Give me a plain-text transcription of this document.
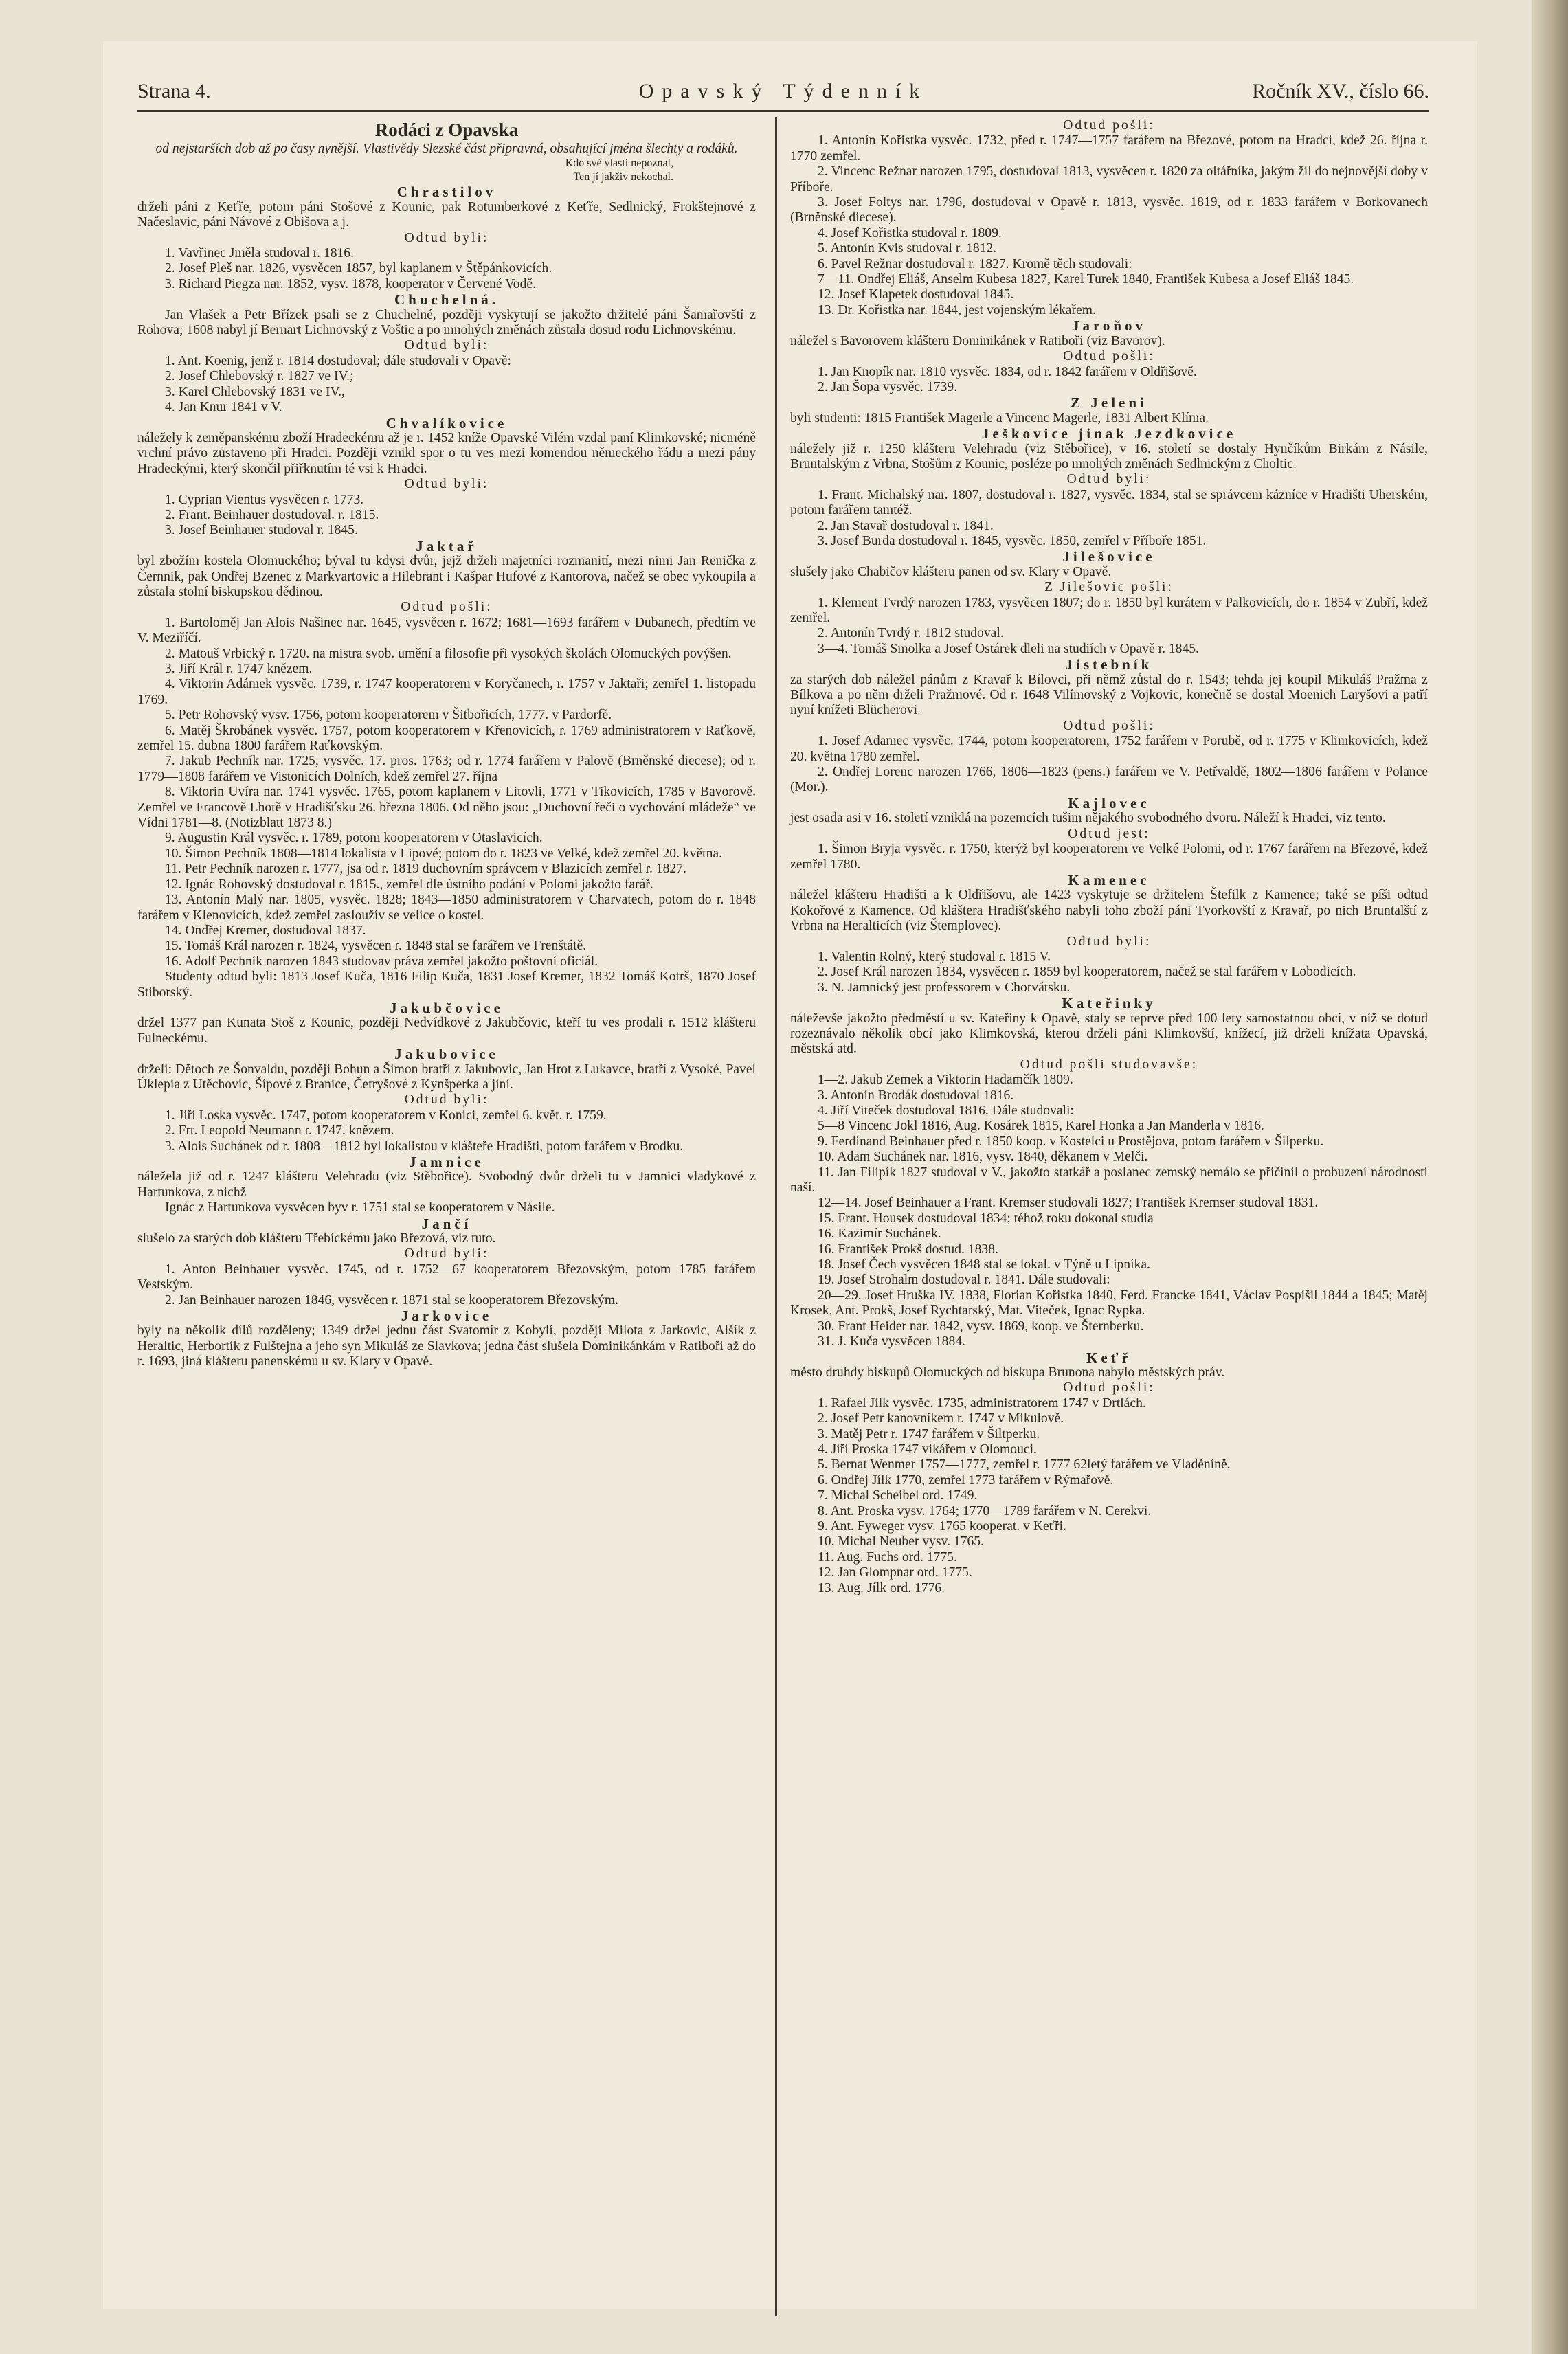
Strana 4.	Opavský Týdenník	Ročník XV., číslo 66.

Rodáci z Opavska

od nejstarších dob až po časy nynější. Vlastivědy Slezské část připravná, obsahující jména šlechty a rodáků.

Kdo své vlasti nepoznal,

Ten jí jakživ nekochal.

Chrastilov

drželi páni z Keťře, potom páni Stošové z Kounic, pak Rotumberkové z Keťře, Sedlnický, Frokštejnové z Načeslavic, páni Návové z Obišova a j.

Odtud byli:

1. Vavřinec Jměla studoval r. 1816.

2. Josef Pleš nar. 1826, vysvěcen 1857, byl kaplanem v Štěpánkovicích.

3. Richard Piegza nar. 1852, vysv. 1878, kooperator v Červené Vodě.

Chuchelná.

Jan Vlašek a Petr Břízek psali se z Chuchelné, později vyskytují se jakožto držitelé páni Šamařovští z Rohova; 1608 nabyl jí Bernart Lichnovský z Voštic a po mnohých změnách zůstala dosud rodu Lichnovskému.

Odtud byli:

1. Ant. Koenig, jenž r. 1814 dostudoval; dále studovali v Opavě:

2. Josef Chlebovský r. 1827 ve IV.;

3. Karel Chlebovský 1831 ve IV.,

4. Jan Knur 1841 v V.

Chvalíkovice

náležely k zeměpanskému zboží Hradeckému až je r. 1452 kníže Opavské Vilém vzdal paní Klimkovské; nicméně vrchní právo zůstaveno při Hradci. Později vznikl spor o tu ves mezi komendou německého řádu a mezi pány Hradeckými, který skončil přiřknutím té vsi k Hradci.

Odtud byli:

1. Cyprian Vientus vysvěcen r. 1773.

2. Frant. Beinhauer dostudoval. r. 1815.

3. Josef Beinhauer studoval r. 1845.

Jaktař

byl zbožím kostela Olomuckého; býval tu kdysi dvůr, jejž drželi majetníci rozmanití, mezi nimi Jan Renička z Černnik, pak Ondřej Bzenec z Markvartovic a Hilebrant i Kašpar Hufové z Kantorova, načež se obec vykoupila a zůstala stolní biskupskou dědinou.

Odtud pošli:

1. Bartoloměj Jan Alois Našinec nar. 1645, vysvěcen r. 1672; 1681—1693 farářem v Dubanech, předtím ve V. Meziříčí.

2. Matouš Vrbický r. 1720. na mistra svob. umění a filosofie při vysokých školách Olomuckých povýšen.

3. Jiří Král r. 1747 knězem.

4. Viktorin Adámek vysvěc. 1739, r. 1747 kooperatorem v Koryčanech, r. 1757 v Jaktaři; zemřel 1. listopadu 1769.

5. Petr Rohovský vysv. 1756, potom kooperatorem v Šitbořicích, 1777. v Pardorfě.

6. Matěj Škrobánek vysvěc. 1757, potom kooperatorem v Křenovicích, r. 1769 administratorem v Raťkově, zemřel 15. dubna 1800 farářem Raťkovským.

7. Jakub Pechník nar. 1725, vysvěc. 17. pros. 1763; od r. 1774 farářem v Palově (Brněnské diecese); od r. 1779—1808 farářem ve Vistonicích Dolních, kdež zemřel 27. října

8. Viktorin Uvíra nar. 1741 vysvěc. 1765, potom kaplanem v Litovli, 1771 v Tikovicích, 1785 v Bavorově. Zemřel ve Francově Lhotě v Hradišťsku 26. března 1806. Od něho jsou: „Duchovní řeči o vychování mládeže“ ve Vídni 1781—8. (Notizblatt 1873 8.)

9. Augustin Král vysvěc. r. 1789, potom kooperatorem v Otaslavicích.

10. Šimon Pechník 1808—1814 lokalista v Lipové; potom do r. 1823 ve Velké, kdež zemřel 20. května.

11. Petr Pechník narozen r. 1777, jsa od r. 1819 duchovním správcem v Blazicích zemřel r. 1827.

12. Ignác Rohovský dostudoval r. 1815., zemřel dle ústního podání v Polomi jakožto farář.

13. Antonín Malý nar. 1805, vysvěc. 1828; 1843—1850 administratorem v Charvatech, potom do r. 1848 farářem v Klenovicích, kdež zemřel zasloužív se velice o kostel.

14. Ondřej Kremer, dostudoval 1837.

15. Tomáš Král narozen r. 1824, vysvěcen r. 1848 stal se farářem ve Frenštátě.

16. Adolf Pechník narozen 1843 studovav práva zemřel jakožto poštovní oficiál.

Studenty odtud byli: 1813 Josef Kuča, 1816 Filip Kuča, 1831 Josef Kremer, 1832 Tomáš Kotrš, 1870 Josef Stiborský.

Jakubčovice

držel 1377 pan Kunata Stoš z Kounic, později Nedvídkové z Jakubčovic, kteří tu ves prodali r. 1512 klášteru Fulneckému.

Jakubovice

drželi: Dětoch ze Šonvaldu, později Bohun a Šimon bratří z Jakubovic, Jan Hrot z Lukavce, bratří z Vysoké, Pavel Úklepia z Utěchovic, Šípové z Branice, Četryšové z Kynšperka a jiní.

Odtud byli:

1. Jiří Loska vysvěc. 1747, potom kooperatorem v Konici, zemřel 6. květ. r. 1759.

2. Frt. Leopold Neumann r. 1747. knězem.

3. Alois Suchánek od r. 1808—1812 byl lokalistou v klášteře Hradišti, potom farářem v Brodku.

Jamnice

náležela již od r. 1247 klášteru Velehradu (viz Stěbořice). Svobodný dvůr drželi tu v Jamnici vladykové z Hartunkova, z nichž

Ignác z Hartunkova vysvěcen byv r. 1751 stal se kooperatorem v Násile.

Jančí

slušelo za starých dob klášteru Třebíckému jako Březová, viz tuto.

Odtud byli:

1. Anton Beinhauer vysvěc. 1745, od r. 1752—67 kooperatorem Březovským, potom 1785 farářem Vestským.

2. Jan Beinhauer narozen 1846, vysvěcen r. 1871 stal se kooperatorem Březovským.

Jarkovice

byly na několik dílů rozděleny; 1349 držel jednu část Svatomír z Kobylí, později Milota z Jarkovic, Alšík z Heraltic, Herbortík z Fulštejna a jeho syn Mikuláš ze Slavkova; jedna část slušela Dominikánkám v Ratiboři až do r. 1693, jiná klášteru panenskému u sv. Klary v Opavě.

Odtud pošli:

1. Antonín Kořistka vysvěc. 1732, před r. 1747—1757 farářem na Březové, potom na Hradci, kdež 26. října r. 1770 zemřel.

2. Vincenc Režnar narozen 1795, dostudoval 1813, vysvěcen r. 1820 za oltářníka, jakým žil do nejnovější doby v Příboře.

3. Josef Foltys nar. 1796, dostudoval v Opavě r. 1813, vysvěc. 1819, od r. 1833 farářem v Borkovanech (Brněnské diecese).

4. Josef Kořistka studoval r. 1809.

5. Antonín Kvis studoval r. 1812.

6. Pavel Režnar dostudoval r. 1827. Kromě těch studovali:

7—11. Ondřej Eliáš, Anselm Kubesa 1827, Karel Turek 1840, František Kubesa a Josef Eliáš 1845.

12. Josef Klapetek dostudoval 1845.

13. Dr. Kořistka nar. 1844, jest vojenským lékařem.

Jaroňov

náležel s Bavorovem klášteru Dominikánek v Ratiboři (viz Bavorov).

Odtud pošli:

1. Jan Knopík nar. 1810 vysvěc. 1834, od r. 1842 farářem v Oldřišově.

2. Jan Šopa vysvěc. 1739.

Z Jeleni

byli studenti: 1815 František Magerle a Vincenc Magerle, 1831 Albert Klíma.

Ješkovice jinak Jezdkovice

náležely již r. 1250 klášteru Velehradu (viz Stěbořice), v 16. století se dostaly Hynčíkům Birkám z Násile, Bruntalským z Vrbna, Stošům z Kounic, posléze po mnohých změnách Sedlnickým z Choltic.

Odtud byli:

1. Frant. Michalský nar. 1807, dostudoval r. 1827, vysvěc. 1834, stal se správcem kázníce v Hradišti Uherském, potom farářem tamtéž.

2. Jan Stavař dostudoval r. 1841.

3. Josef Burda dostudoval r. 1845, vysvěc. 1850, zemřel v Příboře 1851.

Jilešovice

slušely jako Chabičov klášteru panen od sv. Klary v Opavě.

Z Jilešovic pošli:

1. Klement Tvrdý narozen 1783, vysvěcen 1807; do r. 1850 byl kurátem v Palkovicích, do r. 1854 v Zubří, kdež zemřel.

2. Antonín Tvrdý r. 1812 studoval.

3—4. Tomáš Smolka a Josef Ostárek dleli na studiích v Opavě r. 1845.

Jistebník

za starých dob náležel pánům z Kravař k Bílovci, při němž zůstal do r. 1543; tehda jej koupil Mikuláš Pražma z Bílkova a po něm drželi Pražmové. Od r. 1648 Vilímovský z Vojkovic, konečně se dostal Moenich Laryšovi a patří nyní knížeti Blücherovi.

Odtud pošli:

1. Josef Adamec vysvěc. 1744, potom kooperatorem, 1752 farářem v Porubě, od r. 1775 v Klimkovicích, kdež 20. května 1780 zemřel.

2. Ondřej Lorenc narozen 1766, 1806—1823 (pens.) farářem ve V. Petřvaldě, 1802—1806 farářem v Polance (Mor.).

Kajlovec

jest osada asi v 16. století vzniklá na pozemcích tušim nějakého svobodného dvoru. Náleží k Hradci, viz tento.

Odtud jest:

1. Šimon Bryja vysvěc. r. 1750, kterýž byl kooperatorem ve Velké Polomi, od r. 1767 farářem na Březové, kdež zemřel 1780.

Kamenec

náležel klášteru Hradišti a k Oldřišovu, ale 1423 vyskytuje se držitelem Štefilk z Kamence; také se píši odtud Kokořové z Kamence. Od kláštera Hradišťského nabyli toho zboží páni Tvorkovští z Kravař, po nich Bruntalští z Vrbna na Heralticích (viz Štemplovec).

Odtud byli:

1. Valentin Rolný, který studoval r. 1815 V.

2. Josef Král narozen 1834, vysvěcen r. 1859 byl kooperatorem, načež se stal farářem v Lobodicích.

3. N. Jamnický jest professorem v Chorvátsku.

Kateřinky

náleževše jakožto předměstí u sv. Kateřiny k Opavě, staly se teprve před 100 lety samostatnou obcí, v níž se dotud rozeznávalo několik obcí jako Klimkovská, kterou drželi páni Klimkovští, knížecí, již drželi knížata Opavská, městská atd.

Odtud pošli studovavše:

1—2. Jakub Zemek a Viktorin Hadamčík 1809.

3. Antonín Brodák dostudoval 1816.

4. Jiří Viteček dostudoval 1816. Dále studovali:

5—8 Vincenc Jokl 1816, Aug. Kosárek 1815, Karel Honka a Jan Manderla v 1816.

9. Ferdinand Beinhauer před r. 1850 koop. v Kostelci u Prostějova, potom farářem v Šilperku.

10. Adam Suchánek nar. 1816, vysv. 1840, děkanem v Melči.

11. Jan Filipík 1827 studoval v V., jakožto statkář a poslanec zemský nemálo se přičinil o probuzení národnosti naší.

12—14. Josef Beinhauer a Frant. Kremser studovali 1827; František Kremser studoval 1831.

15. Frant. Housek dostudoval 1834; téhož roku dokonal studia

16. Kazimír Suchánek.

16. František Prokš dostud. 1838.

18. Josef Čech vysvěcen 1848 stal se lokal. v Týně u Lipníka.

19. Josef Strohalm dostudoval r. 1841. Dále studovali:

20—29. Josef Hruška IV. 1838, Florian Kořistka 1840, Ferd. Francke 1841, Václav Pospíšil 1844 a 1845; Matěj Krosek, Ant. Prokš, Josef Rychtarský, Mat. Vitеček, Ignac Rypka.

30. Frant Heider nar. 1842, vysv. 1869, koop. ve Šternberku.

31. J. Kuča vysvěcen 1884.

Keťř

město druhdy biskupů Olomuckých od biskupa Brunona nabylo městských práv.

Odtud pošli:

1. Rafael Jílk vysvěc. 1735, administratorem 1747 v Drtlách.

2. Josef Petr kanovníkem r. 1747 v Mikulově.

3. Matěj Petr r. 1747 farářem v Šiltperku.

4. Jiří Proska 1747 vikářem v Olomouci.

5. Bernat Wenmer 1757—1777, zemřel r. 1777 62letý farářem ve Vladěníně.

6. Ondřej Jílk 1770, zemřel 1773 farářem v Rýmařově.

7. Michal Scheibel ord. 1749.

8. Ant. Proska vysv. 1764; 1770—1789 farářem v N. Cerekvi.

9. Ant. Fyweger vysv. 1765 kooperat. v Keťři.

10. Michal Neuber vysv. 1765.

11. Aug. Fuchs ord. 1775.

12. Jan Glompnar ord. 1775.

13. Aug. Jílk ord. 1776.
